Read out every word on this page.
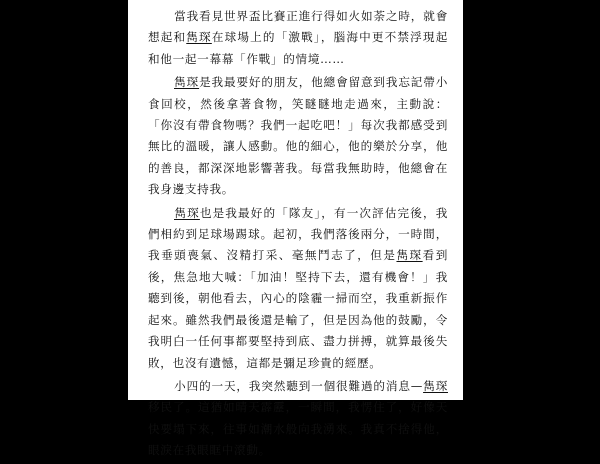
當我看見世界盃比賽正進行得如火如荼之時，就會想起和雋琛在球場上的「激戰」，腦海中更不禁浮現起和他一起一幕幕「作戰」的情境……

雋琛是我最要好的朋友，他總會留意到我忘記帶小食回校，然後拿著食物，笑瞇瞇地走過來，主動說：「你沒有帶食物嗎？我們一起吃吧！」每次我都感受到無比的溫暖，讓人感動。他的細心，他的樂於分享，他的善良，都深深地影響著我。每當我無助時，他總會在我身邊支持我。

雋琛也是我最好的「隊友」，有一次評估完後，我們相約到足球場踢球。起初，我們落後兩分，一時間，我垂頭喪氣、沒精打采、毫無鬥志了，但是雋琛看到後，焦急地大喊：「加油！堅持下去，還有機會！」我聽到後，朝他看去，內心的陰霾一掃而空，我重新振作起來。雖然我們最後還是輸了，但是因為他的鼓勵，令我明白一任何事都要堅持到底、盡力拼搏，就算最後失敗，也沒有遺憾，這都是彌足珍貴的經歷。

小四的一天，我突然聽到一個很難過的消息—雋琛移民了。這猶如晴天霹靂，一瞬間，我愣住了，好像天快要塌下來，往事如潮水般向我湧來。我真不捨得他，眼淚在我眼眶中滾動。
